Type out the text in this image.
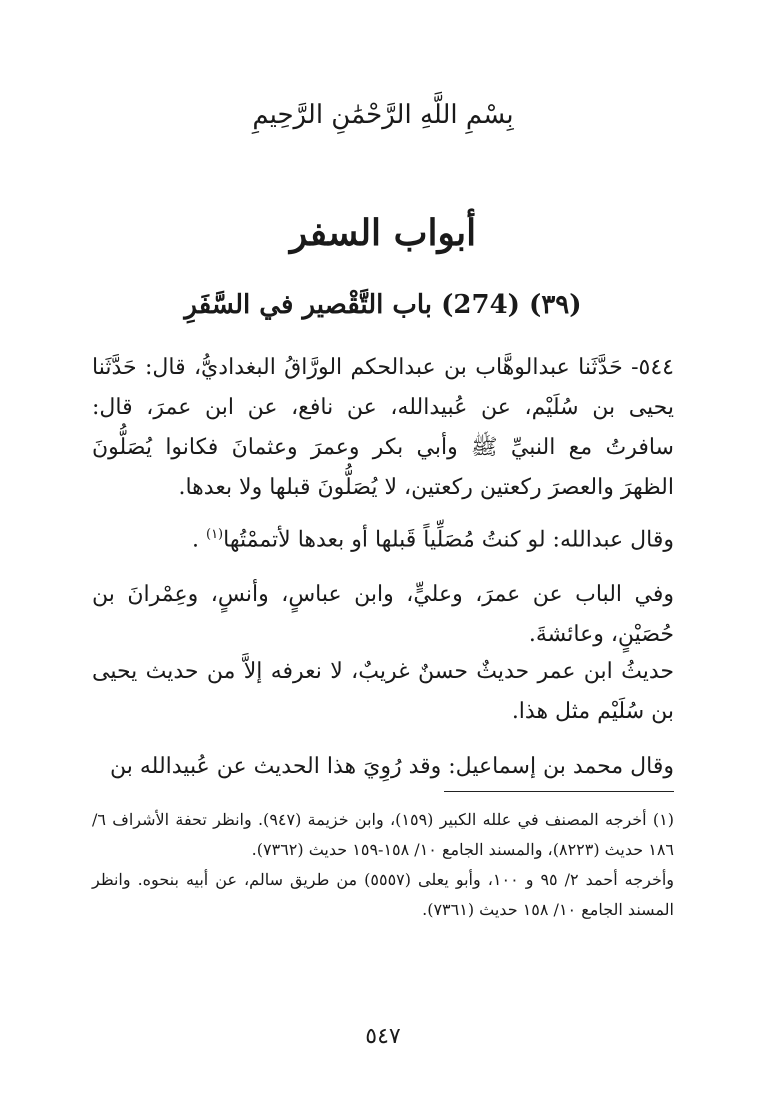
بِسْمِ اللَّهِ الرَّحْمَٰنِ الرَّحِيمِ
أبواب السفر
(٣٩) (274) باب التَّقْصير في السَّفَرِ

٥٤٤- حَدَّثَنا عبدالوهَّاب بن عبدالحكم الورَّاقُ البغداديُّ، قال: حَدَّثَنا يحيى بن سُلَيْم، عن عُبيدالله، عن نافع، عن ابن عمرَ، قال: سافرتُ مع النبيِّ ﷺ وأبي بكر وعمرَ وعثمانَ فكانوا يُصَلُّونَ الظهرَ والعصرَ ركعتين ركعتين، لا يُصَلُّونَ قبلها ولا بعدها.

وقال عبدالله: لو كنتُ مُصَلِّياً قَبلها أو بعدها لأتممْتُها$^{(١)}$ .

وفي الباب عن عمرَ، وعليٍّ، وابن عباسٍ، وأنسٍ، وعِمْرانَ بن حُصَيْنٍ، وعائشةَ.

حديثُ ابن عمر حديثٌ حسنٌ غريبٌ، لا نعرفه إلاَّ من حديث يحيى بن سُلَيْم مثل هذا.

وقال محمد بن إسماعيل: وقد رُوِيَ هذا الحديث عن عُبيدالله بن

(١) أخرجه المصنف في علله الكبير (١٥٩)، وابن خزيمة (٩٤٧). وانظر تحفة الأشراف ٦/ ١٨٦ حديث (٨٢٢٣)، والمسند الجامع ١٠/ ١٥٨-١٥٩ حديث (٧٣٦٢).

وأخرجه أحمد ٢/ ٩٥ و ١٠٠، وأبو يعلى (٥٥٥٧) من طريق سالم، عن أبيه بنحوه. وانظر المسند الجامع ١٠/ ١٥٨ حديث (٧٣٦١).

٥٤٧
